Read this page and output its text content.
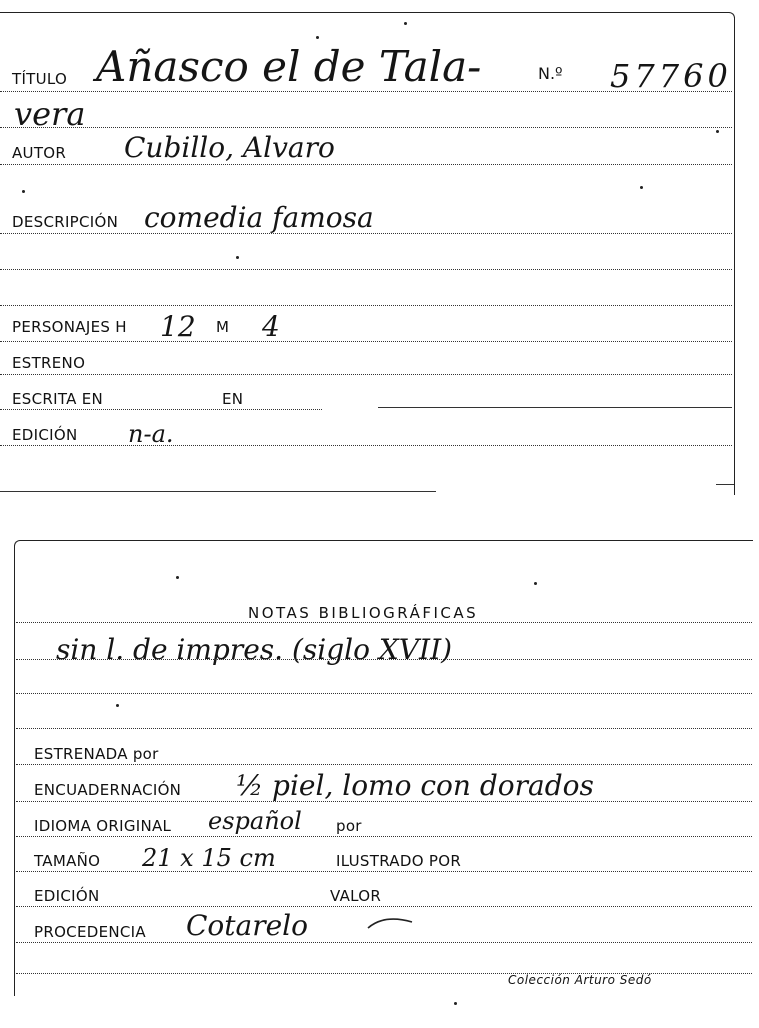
TÍTULO Añasco el de Tala-	N.º 57760
vera
AUTOR Cubillo, Alvaro
DESCRIPCIÓN comedia famosa
PERSONAJES H 12 M 4
ESTRENO
ESCRITA EN	EN
EDICIÓN n-a.
NOTAS BIBLIOGRÁFICAS
sin l. de impres. (siglo XVII)
ESTRENADA por
ENCUADERNACIÓN ½ piel, lomo con dorados
IDIOMA ORIGINAL español por
TAMAÑO 21 x 15 cm	ILUSTRADO POR
EDICIÓN	VALOR
PROCEDENCIA Cotarelo
Colección Arturo Sedó
